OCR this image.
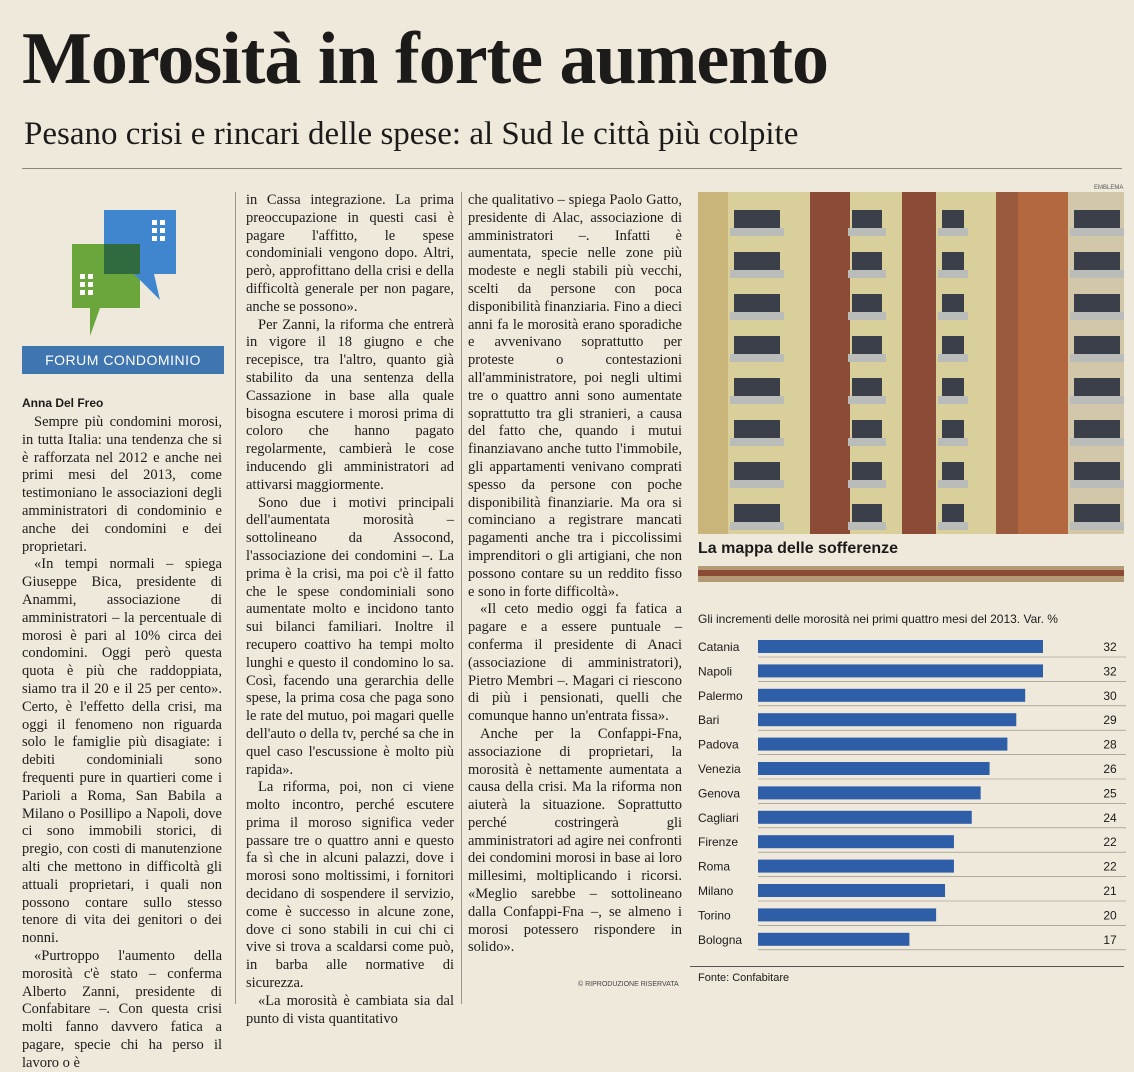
Morosità in forte aumento
Pesano crisi e rincari delle spese: al Sud le città più colpite
FORUM CONDOMINIO
Anna Del Freo

Sempre più condomini morosi, in tutta Italia: una tendenza che si è rafforzata nel 2012 e anche nei primi mesi del 2013, come testimoniano le associazioni degli amministratori di condominio e anche dei condomini e dei proprietari.

«In tempi normali – spiega Giuseppe Bica, presidente di Anammi, associazione di amministratori – la percentuale di morosi è pari al 10% circa dei condomini. Oggi però questa quota è più che raddoppiata, siamo tra il 20 e il 25 per cento». Certo, è l'effetto della crisi, ma oggi il fenomeno non riguarda solo le famiglie più disagiate: i debiti condominiali sono frequenti pure in quartieri come i Parioli a Roma, San Babila a Milano o Posillipo a Napoli, dove ci sono immobili storici, di pregio, con costi di manutenzione alti che mettono in difficoltà gli attuali proprietari, i quali non possono contare sullo stesso tenore di vita dei genitori o dei nonni.

«Purtroppo l'aumento della morosità c'è stato – conferma Alberto Zanni, presidente di Confabitare –. Con questa crisi molti fanno davvero fatica a pagare, specie chi ha perso il lavoro o è

in Cassa integrazione. La prima preoccupazione in questi casi è pagare l'affitto, le spese condominiali vengono dopo. Altri, però, approfittano della crisi e della difficoltà generale per non pagare, anche se possono».

Per Zanni, la riforma che entrerà in vigore il 18 giugno e che recepisce, tra l'altro, quanto già stabilito da una sentenza della Cassazione in base alla quale bisogna escutere i morosi prima di coloro che hanno pagato regolarmente, cambierà le cose inducendo gli amministratori ad attivarsi maggiormente.

Sono due i motivi principali dell'aumentata morosità – sottolineano da Assocond, l'associazione dei condomini –. La prima è la crisi, ma poi c'è il fatto che le spese condominiali sono aumentate molto e incidono tanto sui bilanci familiari. Inoltre il recupero coattivo ha tempi molto lunghi e questo il condomino lo sa. Così, facendo una gerarchia delle spese, la prima cosa che paga sono le rate del mutuo, poi magari quelle dell'auto o della tv, perché sa che in quel caso l'escussione è molto più rapida».

La riforma, poi, non ci viene molto incontro, perché escutere prima il moroso significa veder passare tre o quattro anni e questo fa sì che in alcuni palazzi, dove i morosi sono moltissimi, i fornitori decidano di sospendere il servizio, come è successo in alcune zone, dove ci sono stabili in cui chi ci vive si trova a scaldarsi come può, in barba alle normative di sicurezza.

«La morosità è cambiata sia dal punto di vista quantitativo

che qualitativo – spiega Paolo Gatto, presidente di Alac, associazione di amministratori –. Infatti è aumentata, specie nelle zone più modeste e negli stabili più vecchi, scelti da persone con poca disponibilità finanziaria. Fino a dieci anni fa le morosità erano sporadiche e avvenivano soprattutto per proteste o contestazioni all'amministratore, poi negli ultimi tre o quattro anni sono aumentate soprattutto tra gli stranieri, a causa del fatto che, quando i mutui finanziavano anche tutto l'immobile, gli appartamenti venivano comprati spesso da persone con poche disponibilità finanziarie. Ma ora si cominciano a registrare mancati pagamenti anche tra i piccolissimi imprenditori o gli artigiani, che non possono contare su un reddito fisso e sono in forte difficoltà».

«Il ceto medio oggi fa fatica a pagare e a essere puntuale – conferma il presidente di Anaci (associazione di amministratori), Pietro Membri –. Magari ci riescono di più i pensionati, quelli che comunque hanno un'entrata fissa».

Anche per la Confappi-Fna, associazione di proprietari, la morosità è nettamente aumentata a causa della crisi. Ma la riforma non aiuterà la situazione. Soprattutto perché costringerà gli amministratori ad agire nei confronti dei condomini morosi in base ai loro millesimi, moltiplicando i ricorsi. «Meglio sarebbe – sottolineano dalla Confappi-Fna –, se almeno i morosi potessero rispondere in solido».

© RIPRODUZIONE RISERVATA
EMBLEMA
La mappa delle sofferenze
Gli incrementi delle morosità nei primi quattro mesi del 2013. Var. %
Catania	32
Napoli	32
Palermo	30
Bari	29
Padova	28
Venezia	26
Genova	25
Cagliari	24
Firenze	22
Roma	22
Milano	21
Torino	20
Bologna	17
Fonte: Confabitare
